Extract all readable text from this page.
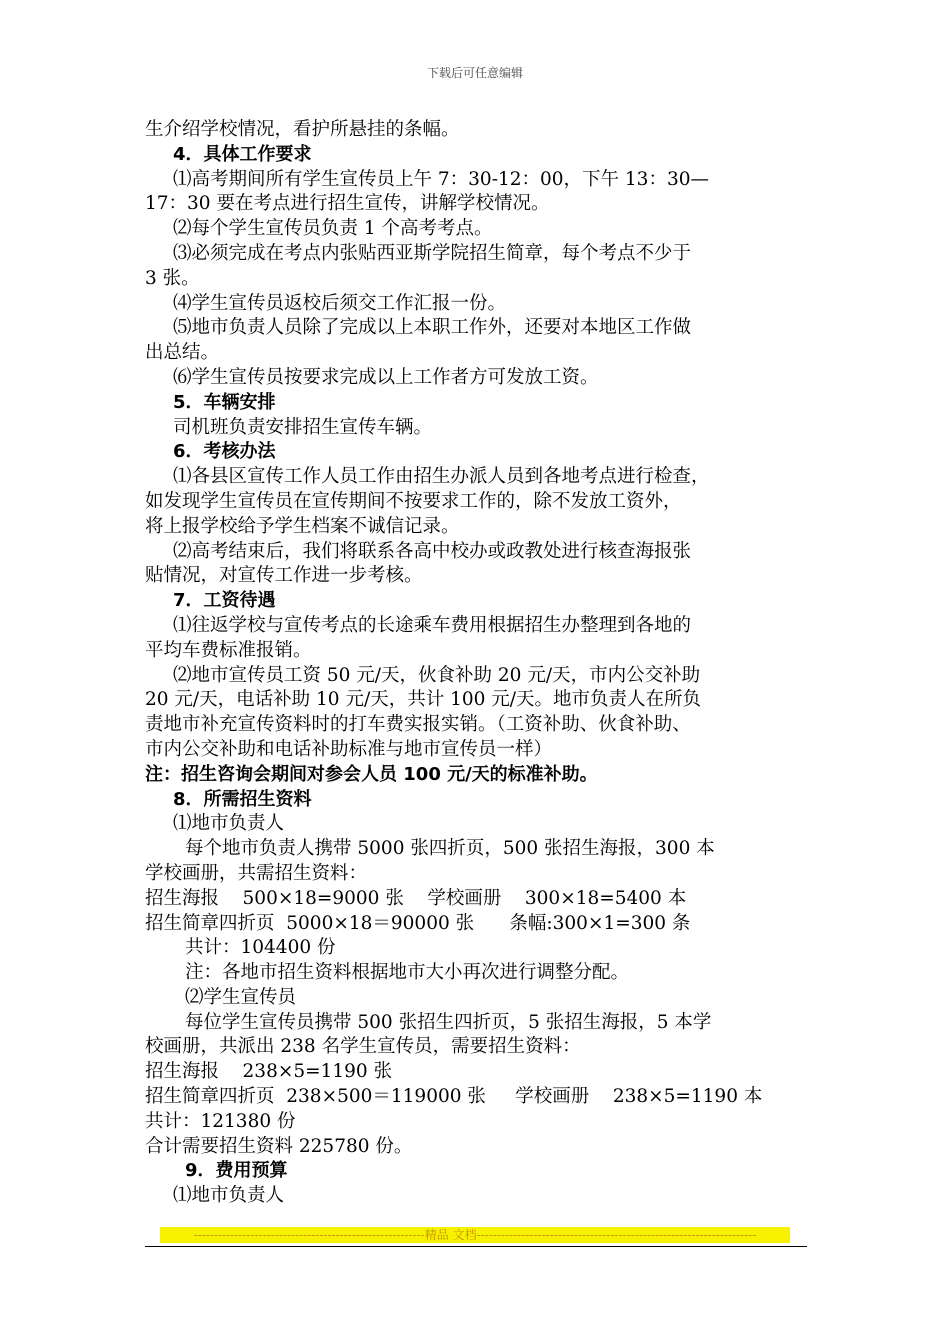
下载后可任意编辑
生介绍学校情况，看护所悬挂的条幅。
4．具体工作要求
⑴高考期间所有学生宣传员上午 7：30-12：00，下午 13：30—
17：30 要在考点进行招生宣传，讲解学校情况。
⑵每个学生宣传员负责 1 个高考考点。
⑶必须完成在考点内张贴西亚斯学院招生简章，每个考点不少于
3 张。
⑷学生宣传员返校后须交工作汇报一份。
⑸地市负责人员除了完成以上本职工作外，还要对本地区工作做
出总结。
⑹学生宣传员按要求完成以上工作者方可发放工资。
5．车辆安排
司机班负责安排招生宣传车辆。
6．考核办法
⑴各县区宣传工作人员工作由招生办派人员到各地考点进行检查，
如发现学生宣传员在宣传期间不按要求工作的，除不发放工资外，
将上报学校给予学生档案不诚信记录。
⑵高考结束后，我们将联系各高中校办或政教处进行核查海报张
贴情况，对宣传工作进一步考核。
7．工资待遇
⑴往返学校与宣传考点的长途乘车费用根据招生办整理到各地的
平均车费标准报销。
⑵地市宣传员工资 50 元/天，伙食补助 20 元/天，市内公交补助
20 元/天，电话补助 10 元/天，共计 100 元/天。地市负责人在所负
责地市补充宣传资料时的打车费实报实销。（工资补助、伙食补助、
市内公交补助和电话补助标准与地市宣传员一样）
注：招生咨询会期间对参会人员 100 元/天的标准补助。
8．所需招生资料
⑴地市负责人
每个地市负责人携带 5000 张四折页，500 张招生海报，300 本
学校画册，共需招生资料：
招生海报    500×18=9000 张    学校画册    300×18=5400 本
招生简章四折页  5000×18＝90000 张      条幅:300×1=300 条
共计：104400 份
注：各地市招生资料根据地市大小再次进行调整分配。
⑵学生宣传员
每位学生宣传员携带 500 张招生四折页，5 张招生海报，5 本学
校画册，共派出 238 名学生宣传员，需要招生资料：
招生海报    238×5=1190 张
招生简章四折页  238×500＝119000 张     学校画册    238×5=1190 本
共计：121380 份
合计需要招生资料 225780 份。
9．费用预算
⑴地市负责人
---------------------------------------------------------精品 文档---------------------------------------------------------------------
